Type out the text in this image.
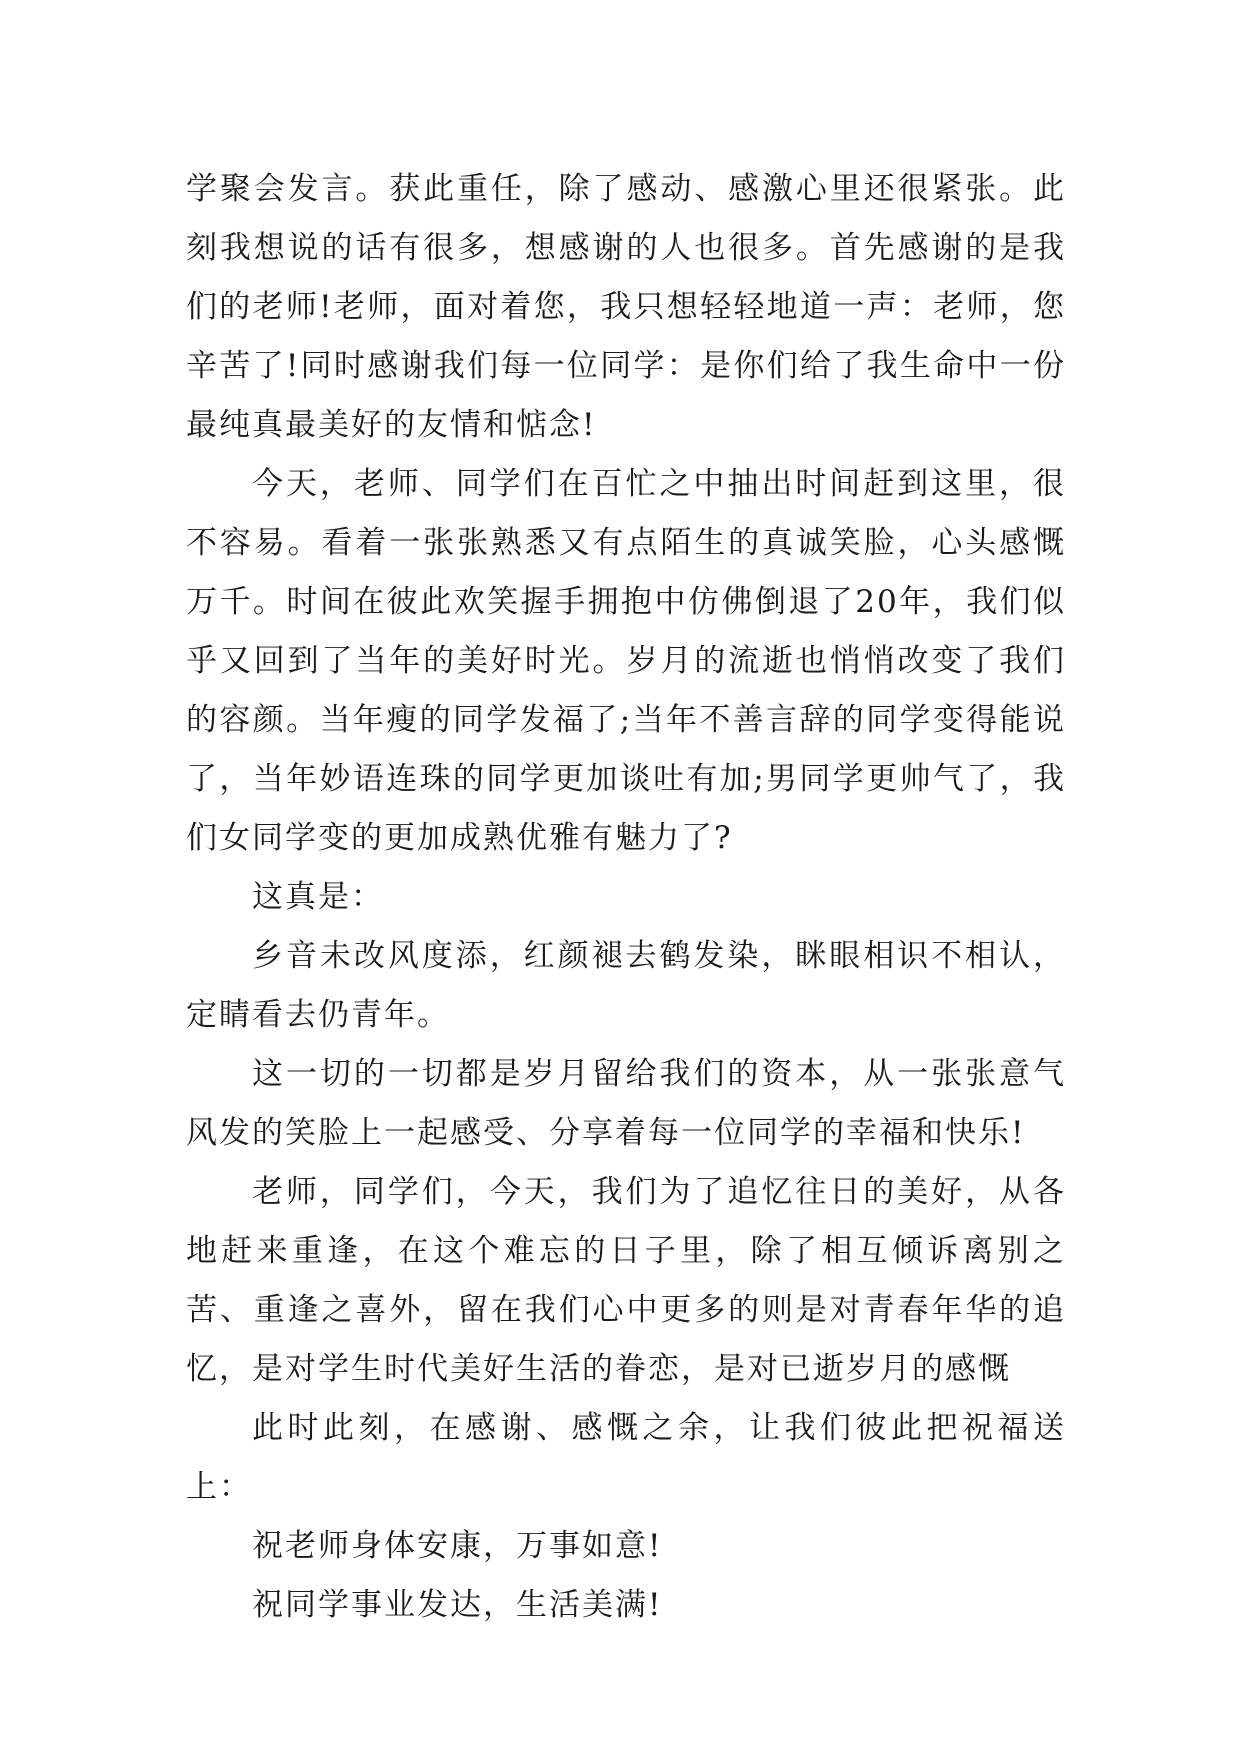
学聚会发言。获此重任，除了感动、感激心里还很紧张。此刻我想说的话有很多，想感谢的人也很多。首先感谢的是我们的老师!老师，面对着您，我只想轻轻地道一声：老师，您辛苦了!同时感谢我们每一位同学：是你们给了我生命中一份最纯真最美好的友情和惦念!

今天，老师、同学们在百忙之中抽出时间赶到这里，很不容易。看着一张张熟悉又有点陌生的真诚笑脸，心头感慨万千。时间在彼此欢笑握手拥抱中仿佛倒退了20年，我们似乎又回到了当年的美好时光。岁月的流逝也悄悄改变了我们的容颜。当年瘦的同学发福了;当年不善言辞的同学变得能说了，当年妙语连珠的同学更加谈吐有加;男同学更帅气了，我们女同学变的更加成熟优雅有魅力了?

这真是：

乡音未改风度添，红颜褪去鹤发染，眯眼相识不相认，定睛看去仍青年。

这一切的一切都是岁月留给我们的资本，从一张张意气风发的笑脸上一起感受、分享着每一位同学的幸福和快乐!

老师，同学们，今天，我们为了追忆往日的美好，从各地赶来重逢，在这个难忘的日子里，除了相互倾诉离别之苦、重逢之喜外，留在我们心中更多的则是对青春年华的追忆，是对学生时代美好生活的眷恋，是对已逝岁月的感慨

此时此刻，在感谢、感慨之余，让我们彼此把祝福送上：

祝老师身体安康，万事如意!

祝同学事业发达，生活美满!
